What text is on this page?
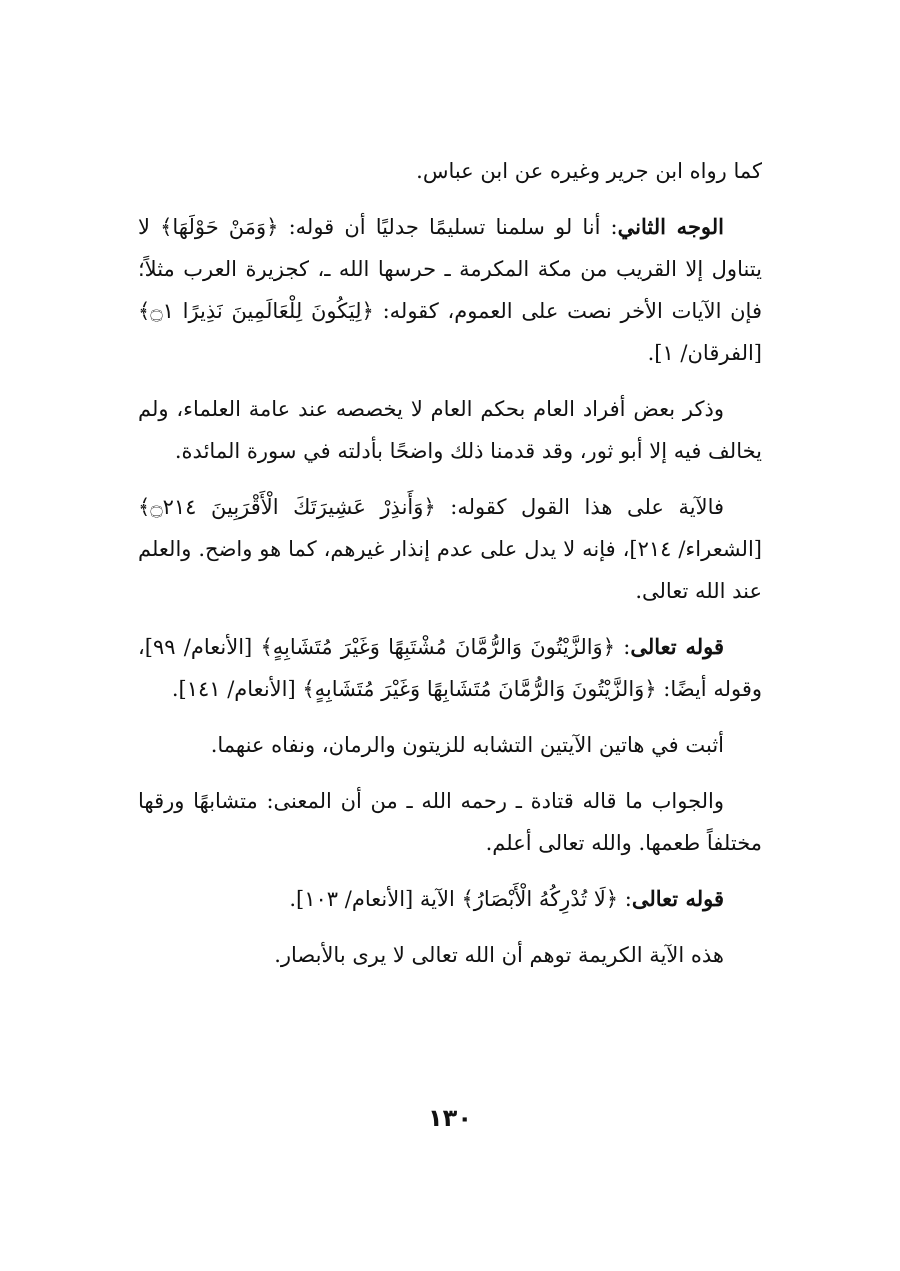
كما رواه ابن جرير وغيره عن ابن عباس.

الوجه الثاني: أنا لو سلمنا تسليمًا جدليًا أن قوله: ﴿وَمَنْ حَوْلَهَا﴾ لا يتناول إلا القريب من مكة المكرمة ـ حرسها الله ـ، كجزيرة العرب مثلاً؛ فإن الآيات الأخر نصت على العموم، كقوله: ﴿لِيَكُونَ لِلْعَالَمِينَ نَذِيرًا ۝١﴾ [الفرقان/ ١].

وذكر بعض أفراد العام بحكم العام لا يخصصه عند عامة العلماء، ولم يخالف فيه إلا أبو ثور، وقد قدمنا ذلك واضحًا بأدلته في سورة المائدة.

فالآية على هذا القول كقوله: ﴿وَأَنذِرْ عَشِيرَتَكَ الْأَقْرَبِينَ ۝٢١٤﴾ [الشعراء/ ٢١٤]، فإنه لا يدل على عدم إنذار غيرهم، كما هو واضح. والعلم عند الله تعالى.

قوله تعالى: ﴿وَالزَّيْتُونَ وَالرُّمَّانَ مُشْتَبِهًا وَغَيْرَ مُتَشَابِهٍ﴾ [الأنعام/ ٩٩]، وقوله أيضًا: ﴿وَالزَّيْتُونَ وَالرُّمَّانَ مُتَشَابِهًا وَغَيْرَ مُتَشَابِهٍ﴾ [الأنعام/ ١٤١].

أثبت في هاتين الآيتين التشابه للزيتون والرمان، ونفاه عنهما.

والجواب ما قاله قتادة ـ رحمه الله ـ من أن المعنى: متشابهًا ورقها مختلفاً طعمها. والله تعالى أعلم.

قوله تعالى: ﴿لَا تُدْرِكُهُ الْأَبْصَارُ﴾ الآية [الأنعام/ ١٠٣].

هذه الآية الكريمة توهم أن الله تعالى لا يرى بالأبصار.

١٣٠
